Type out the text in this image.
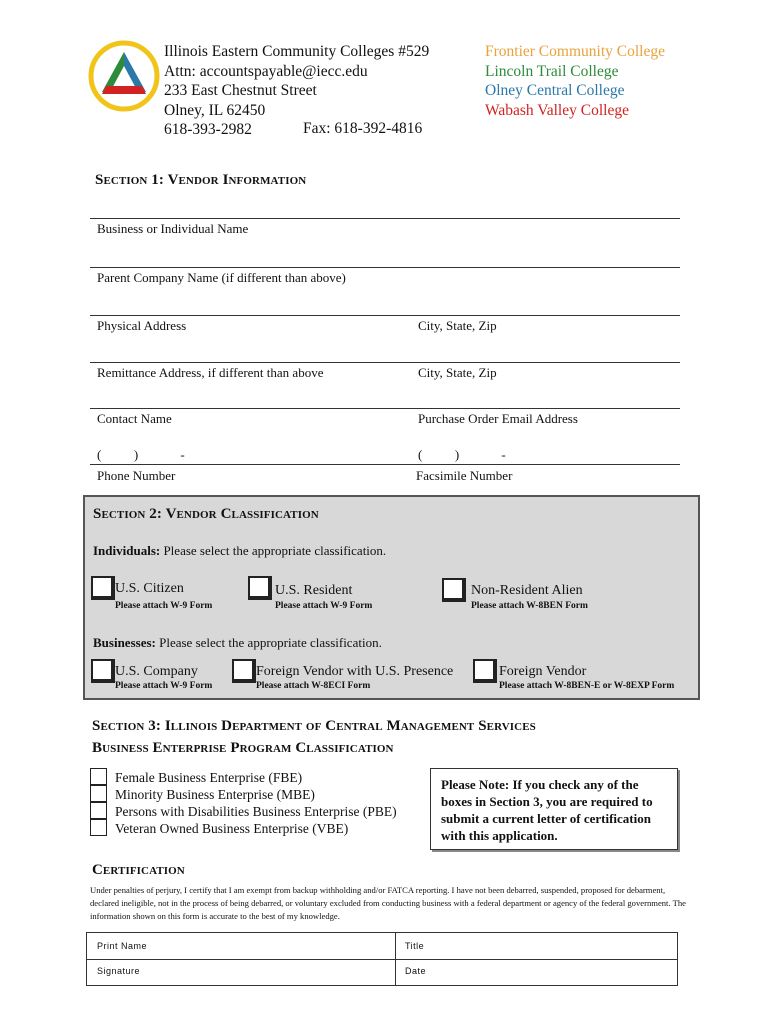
Illinois Eastern Community Colleges #529
Attn: accountspayable@iecc.edu
233 East Chestnut Street
Olney, IL 62450
618-393-2982	Fax: 618-392-4816
Frontier Community College
Lincoln Trail College
Olney Central College
Wabash Valley College
Section 1: Vendor Information
Business or Individual Name
Parent Company Name (if different than above)
Physical Address	City, State, Zip
Remittance Address, if different than above	City, State, Zip
Contact Name	Purchase Order Email Address
(          )             -	(          )             -
Phone Number	Facsimile Number
Section 2: Vendor Classification
Individuals: Please select the appropriate classification.
U.S. Citizen
Please attach W-9 Form
U.S. Resident
Please attach W-9 Form
Non-Resident Alien
Please attach W-8BEN Form
Businesses: Please select the appropriate classification.
U.S. Company
Please attach W-9 Form
Foreign Vendor with U.S. Presence
Please attach W-8ECI Form
Foreign Vendor
Please attach W-8BEN-E or W-8EXP Form
Section 3: Illinois Department of Central Management Services
Business Enterprise Program Classification
Female Business Enterprise (FBE)
Minority Business Enterprise (MBE)
Persons with Disabilities Business Enterprise (PBE)
Veteran Owned Business Enterprise (VBE)
Please Note: If you check any of the boxes in Section 3, you are required to submit a current letter of certification with this application.
Certification
Under penalties of perjury, I certify that I am exempt from backup withholding and/or FATCA reporting. I have not been debarred, suspended, proposed for debarment, declared ineligible, not in the process of being debarred, or voluntary excluded from conducting business with a federal department or agency of the federal government. The information shown on this form is accurate to the best of my knowledge.
Print Name	Title
Signature	Date
